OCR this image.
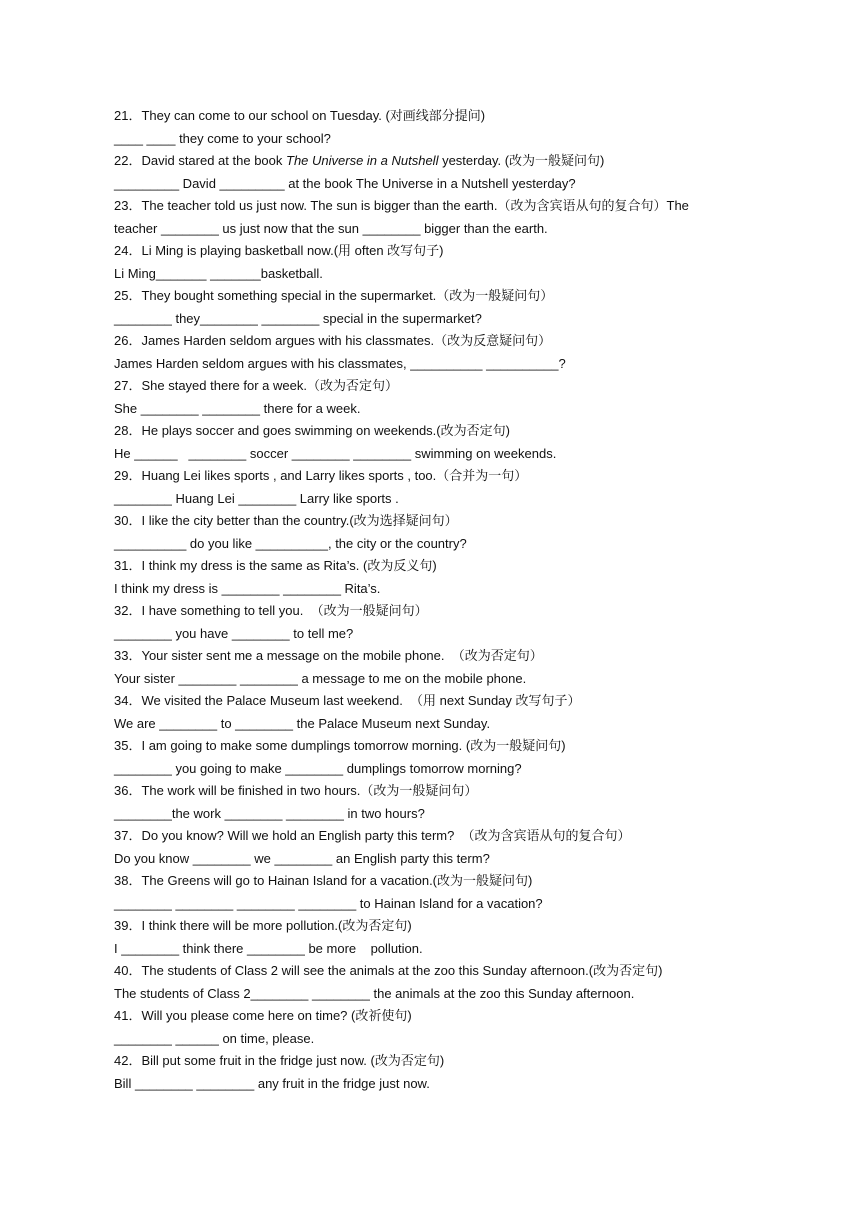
21．They can come to our school on Tuesday. (对画线部分提问)
____ ____ they come to your school?
22．David stared at the book The Universe in a Nutshell yesterday. (改为一般疑问句)
_________ David _________ at the book The Universe in a Nutshell yesterday?
23．The teacher told us just now. The sun is bigger than the earth.（改为含宾语从句的复合句）The
teacher ________ us just now that the sun ________ bigger than the earth.
24．Li Ming is playing basketball now.(用 often 改写句子)
Li Ming_______ _______basketball.
25．They bought something special in the supermarket.（改为一般疑问句）
________ they________ ________ special in the supermarket?
26．James Harden seldom argues with his classmates.（改为反意疑问句）
James Harden seldom argues with his classmates, __________ __________?
27．She stayed there for a week.（改为否定句）
She ________ ________ there for a week.
28．He plays soccer and goes swimming on weekends.(改为否定句)
He ______   ________ soccer ________ ________ swimming on weekends.
29．Huang Lei likes sports , and Larry likes sports , too.（合并为一句）
________ Huang Lei ________ Larry like sports .
30．I like the city better than the country.(改为选择疑问句）
__________ do you like __________, the city or the country?
31．I think my dress is the same as Rita’s. (改为反义句)
I think my dress is ________ ________ Rita’s.
32．I have something to tell you.  （改为一般疑问句）
________ you have ________ to tell me?
33．Your sister sent me a message on the mobile phone.  （改为否定句）
Your sister ________ ________ a message to me on the mobile phone.
34．We visited the Palace Museum last weekend.  （用 next Sunday 改写句子）
We are ________ to ________ the Palace Museum next Sunday.
35．I am going to make some dumplings tomorrow morning. (改为一般疑问句)
________ you going to make ________ dumplings tomorrow morning?
36．The work will be finished in two hours.（改为一般疑问句）
________the work ________ ________ in two hours?
37．Do you know? Will we hold an English party this term?  （改为含宾语从句的复合句）
Do you know ________ we ________ an English party this term?
38．The Greens will go to Hainan Island for a vacation.(改为一般疑问句)
________ ________ ________ ________ to Hainan Island for a vacation?
39．I think there will be more pollution.(改为否定句)
I ________ think there ________ be more    pollution.
40．The students of Class 2 will see the animals at the zoo this Sunday afternoon.(改为否定句)
The students of Class 2________ ________ the animals at the zoo this Sunday afternoon.
41．Will you please come here on time? (改祈使句)
________ ______ on time, please.
42．Bill put some fruit in the fridge just now. (改为否定句)
Bill ________ ________ any fruit in the fridge just now.
